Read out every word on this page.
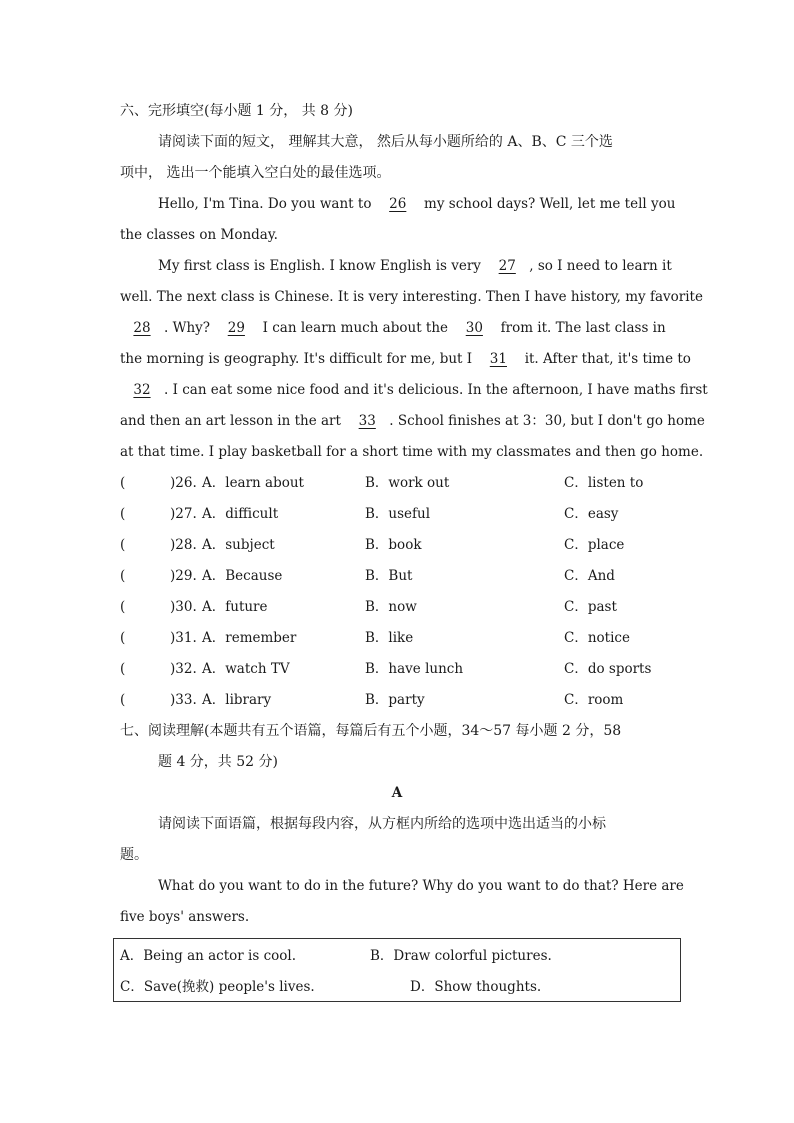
六、完形填空(每小题 1 分， 共 8 分)
请阅读下面的短文， 理解其大意， 然后从每小题所给的 A、B、C 三个选
项中， 选出一个能填入空白处的最佳选项。
Hello, I'm Tina. Do you want to 26 my school days? Well, let me tell you
the classes on Monday.
My first class is English. I know English is very 27 , so I need to learn it
well. The next class is Chinese. It is very interesting. Then I have history, my favorite
28 . Why? 29 I can learn much about the 30 from it. The last class in
the morning is geography. It's difficult for me, but I 31 it. After that, it's time to
32 . I can eat some nice food and it's delicious. In the afternoon, I have maths first
and then an art lesson in the art 33 . School finishes at 3：30, but I don't go home
at that time. I play basketball for a short time with my classmates and then go home.
(	)26. A．learn about	B．work out	C．listen to
(	)27. A．difficult	B．useful	C．easy
(	)28. A．subject	B．book	C．place
(	)29. A．Because	B．But	C．And
(	)30. A．future	B．now	C．past
(	)31. A．remember	B．like	C．notice
(	)32. A．watch TV	B．have lunch	C．do sports
(	)33. A．library	B．party	C．room
七、阅读理解(本题共有五个语篇，每篇后有五个小题，34～57 每小题 2 分，58
题 4 分，共 52 分)
A
请阅读下面语篇，根据每段内容，从方框内所给的选项中选出适当的小标
题。
What do you want to do in the future? Why do you want to do that? Here are
five boys' answers.
A．Being an actor is cool.	B．Draw colorful pictures.
C．Save(挽救) people's lives.	D．Show thoughts.
